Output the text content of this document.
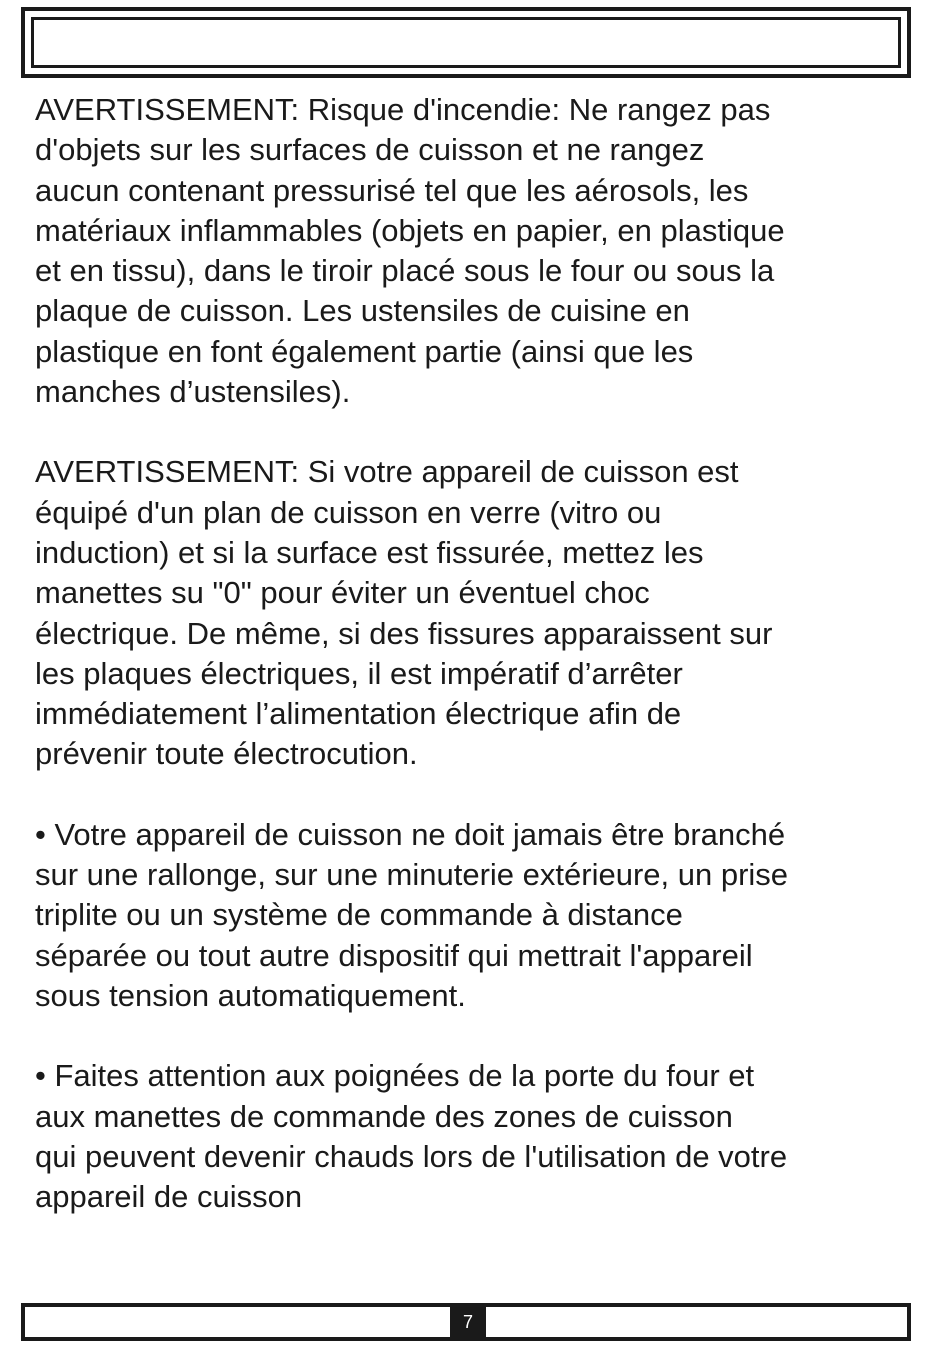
AVERTISSEMENT: Risque d'incendie: Ne rangez pas
d'objets sur les surfaces de cuisson et ne rangez
aucun contenant pressurisé tel que les aérosols, les
matériaux inflammables (objets en papier, en plastique
et en tissu), dans le tiroir placé sous le four ou sous la
plaque de cuisson. Les ustensiles de cuisine en
plastique en font également partie (ainsi que les
manches d’ustensiles).

AVERTISSEMENT: Si votre appareil de cuisson est
équipé d'un plan de cuisson en verre (vitro ou
induction) et si la surface est fissurée, mettez les
manettes su "0" pour éviter un éventuel choc
électrique. De même, si des fissures apparaissent sur
les plaques électriques, il est impératif d’arrêter
immédiatement l’alimentation électrique afin de
prévenir toute électrocution.

• Votre appareil de cuisson ne doit jamais être branché
sur une rallonge, sur une minuterie extérieure, un prise
triplite ou un système de commande à distance
séparée ou tout autre dispositif qui mettrait l'appareil
sous tension automatiquement.

• Faites attention aux poignées de la porte du four et
aux manettes de commande des zones de cuisson
qui peuvent devenir chauds lors de l'utilisation de votre
appareil de cuisson

7
